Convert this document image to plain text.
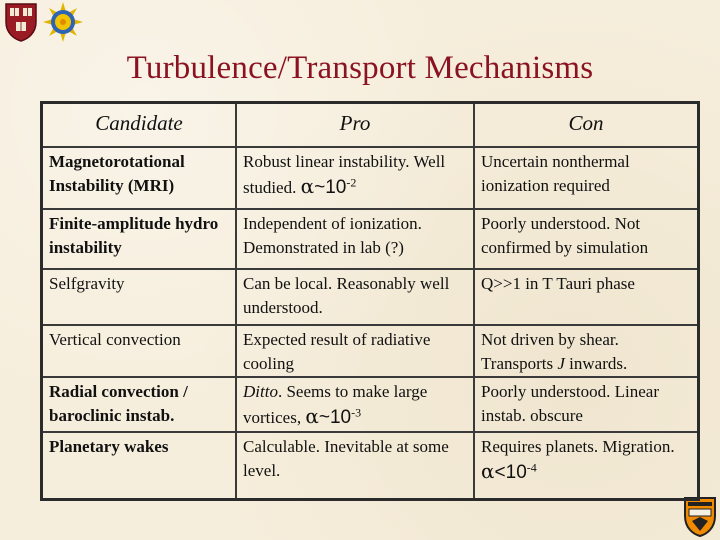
Turbulence/Transport Mechanisms
Candidate	Pro	Con
Magnetorotational Instability (MRI)	Robust linear instability. Well studied. $\alpha\sim 10^{-2}$	Uncertain nonthermal ionization required
Finite-amplitude hydro instability	Independent of ionization. Demonstrated in lab (?)	Poorly understood. Not confirmed by simulation
Selfgravity	Can be local. Reasonably well understood.	Q>>1 in T Tauri phase
Vertical convection	Expected result of radiative cooling	Not driven by shear. Transports J inwards.
Radial convection / baroclinic instab.	Ditto. Seems to make large vortices, $\alpha\sim 10^{-3}$	Poorly understood. Linear instab. obscure
Planetary wakes	Calculable. Inevitable at some level.	Requires planets. Migration. $\alpha<10^{-4}$
